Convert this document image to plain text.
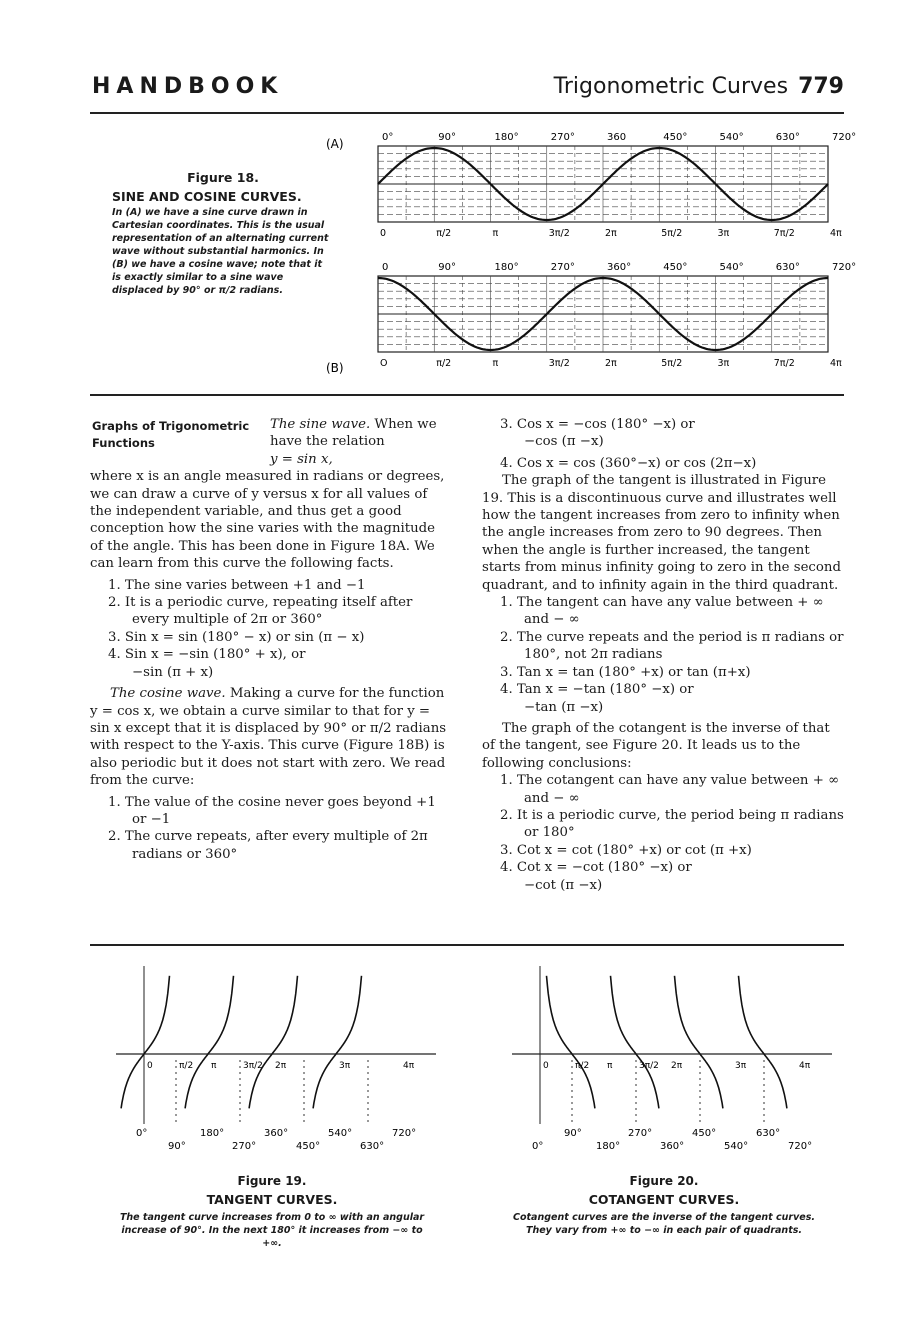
HANDBOOK	Trigonometric Curves 779
Figure 18.
SINE AND COSINE CURVES.
In (A) we have a sine curve drawn in Cartesian coordinates. This is the usual representation of an alternating current wave without substantial harmonics. In (B) we have a cosine wave; note that it is exactly similar to a sine wave displaced by 90° or π/2 radians.
(A)
(B)
0°	90°	180°	270°	360	450°	540°	630°	720°
0	π/2	π	3π/2	2π	5π/2	3π	7π/2	4π
0	90°	180°	270°	360°	450°	540°	630°	720°
O	π/2	π	3π/2	2π	5π/2	3π	7π/2	4π
Graphs of Trigonometric Functions

The sine wave. When we have the relation

y = sin x,

where x is an angle measured in radians or degrees, we can draw a curve of y versus x for all values of the independent variable, and thus get a good conception how the sine varies with the magnitude of the angle. This has been done in Figure 18A. We can learn from this curve the following facts.

1. The sine varies between +1 and −1

2. It is a periodic curve, repeating itself after every multiple of 2π or 360°

3. Sin x = sin (180° − x) or sin (π − x)

4. Sin x = −sin (180° + x), or

−sin (π + x)

The cosine wave. Making a curve for the function y = cos x, we obtain a curve similar to that for y = sin x except that it is displaced by 90° or π/2 radians with respect to the Y-axis. This curve (Figure 18B) is also periodic but it does not start with zero. We read from the curve:

1. The value of the cosine never goes beyond +1 or −1

2. The curve repeats, after every multiple of 2π radians or 360°

3. Cos x = −cos (180° −x) or

−cos (π −x)

4. Cos x = cos (360°−x) or cos (2π−x)

The graph of the tangent is illustrated in Figure 19. This is a discontinuous curve and illustrates well how the tangent increases from zero to infinity when the angle increases from zero to 90 degrees. Then when the angle is further increased, the tangent starts from minus infinity going to zero in the second quadrant, and to infinity again in the third quadrant.

1. The tangent can have any value between + ∞ and − ∞

2. The curve repeats and the period is π radians or 180°, not 2π radians

3. Tan x = tan (180° +x) or tan (π+x)

4. Tan x = −tan (180° −x) or

−tan (π −x)

The graph of the cotangent is the inverse of that of the tangent, see Figure 20. It leads us to the following conclusions:

1. The cotangent can have any value between + ∞ and − ∞

2. It is a periodic curve, the period being π radians or 180°

3. Cot x = cot (180° +x) or cot (π +x)

4. Cot x = −cot (180° −x) or

−cot (π −x)

0	π/2 π	3π/2 2π	3π	4π
0°	180°	360°	540°	720°
90°	270°	450°	630°
0	π/2 π	3π/2 2π	3π	4π
90°	270°	450°	630°
0°	180°	360°	540°	720°
Figure 19.
TANGENT CURVES.
The tangent curve increases from 0 to ∞ with an angular increase of 90°. In the next 180° it increases from −∞ to +∞.
Figure 20.
COTANGENT CURVES.
Cotangent curves are the inverse of the tangent curves. They vary from +∞ to −∞ in each pair of quadrants.
